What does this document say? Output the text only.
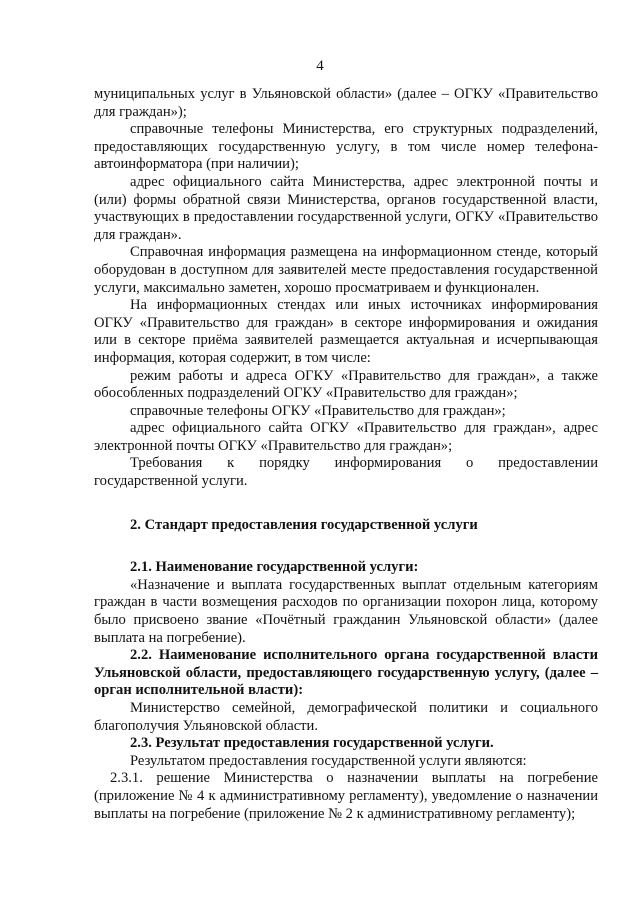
4

муниципальных услуг в Ульяновской области» (далее – ОГКУ «Правительство для граждан»);

справочные телефоны Министерства, его структурных подразделений, предоставляющих государственную услугу, в том числе номер телефона-автоинформатора (при наличии);

адрес официального сайта Министерства, адрес электронной почты и (или) формы обратной связи Министерства, органов государственной власти, участвующих в предоставлении государственной услуги, ОГКУ «Правительство для граждан».

Справочная информация размещена на информационном стенде, который оборудован в доступном для заявителей месте предоставления государственной услуги, максимально заметен, хорошо просматриваем и функционален.

На информационных стендах или иных источниках информирования ОГКУ «Правительство для граждан» в секторе информирования и ожидания или в секторе приёма заявителей размещается актуальная и исчерпывающая информация, которая содержит, в том числе:

режим работы и адреса ОГКУ «Правительство для граждан», а также обособленных подразделений ОГКУ «Правительство для граждан»;

справочные телефоны ОГКУ «Правительство для граждан»;

адрес официального сайта ОГКУ «Правительство для граждан», адрес электронной почты ОГКУ «Правительство для граждан»;

Требования к порядку информирования о предоставлении государственной услуги.

2. Стандарт предоставления государственной услуги

2.1. Наименование государственной услуги:

«Назначение и выплата государственных выплат отдельным категориям граждан в части возмещения расходов по организации похорон лица, которому было присвоено звание «Почётный гражданин Ульяновской области» (далее выплата на погребение).

2.2. Наименование исполнительного органа государственной власти Ульяновской области, предоставляющего государственную услугу, (далее – орган исполнительной власти):

Министерство семейной, демографической политики и социального благополучия Ульяновской области.

2.3. Результат предоставления государственной услуги.

Результатом предоставления государственной услуги являются:

2.3.1. решение Министерства о назначении выплаты на погребение (приложение № 4 к административному регламенту), уведомление о назначении выплаты на погребение (приложение № 2 к административному регламенту);
